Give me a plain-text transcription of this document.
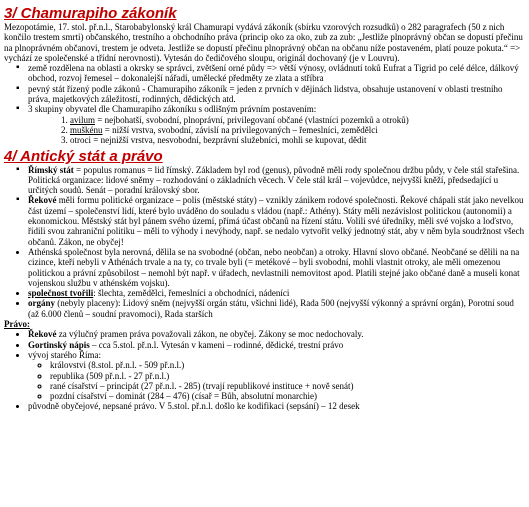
3/ Chamurapiho zákoník

Mezopotámie, 17. stol. př.n.l., Starobabylonský král Chamurapi vydává zákoník (sbírku vzorových rozsudků) o 282 paragrafech (50 z nich končilo trestem smrti) občanského, trestního a obchodního práva (princip oko za oko, zub za zub: „Jestliže plnoprávný občan se dopustí přečinu na plnoprávném občanovi, trestem je odveta. Jestliže se dopustí přečinu plnoprávný občan na občanu níže postaveném, platí pouze pokuta.“ => vychází ze společenské a třídní nerovnosti). Vytesán do čedičového sloupu, originál dochovaný (je v Louvru).

▪ země rozdělena na oblasti a okrsky se správci, zvětšení orné půdy => větší výnosy, ovládnutí toků Eufrat a Tigrid po celé délce, dálkový obchod, rozvoj řemesel – dokonalejší nářadí, umělecké předměty ze zlata a stříbra
▪ pevný stát řízený podle zákonů - Chamurapiho zákoník = jeden z prvních v dějinách lidstva, obsahuje ustanovení v oblasti trestního práva, majetkových záležitostí, rodinných, dědických atd.
▪ 3 skupiny obyvatel dle Chamurapiho zákoníku s odlišným právním postavením:
1. avilum = nejbohatší, svobodní, plnoprávní, privilegovaní občané (vlastníci pozemků a otroků)
2. muškénu = nižší vrstva, svobodní, závislí na privilegovaných – řemeslníci, zemědělci
3. otroci = nejnižší vrstva, nesvobodní, bezprávní služebníci, mohli se kupovat, dědit
4/ Antický stát a právo
▪ Římský stát = populus romanus = lid římský. Základem byl rod (genus), původně měli rody společnou držbu půdy, v čele stál stařešina. Politická organizace: lidové sněmy – rozhodování o základních věcech. V čele stál král – vojevůdce, nejvyšší kněží, předsedající u určitých soudů. Senát – poradní královský sbor.
▪ Řekové měli formu politické organizace – polis (městské státy) – vznikly zánikem rodové společnosti. Řekové chápali stát jako nevelkou část území – společenství lidí, které bylo uváděno do souladu s vládou (např.: Athény). Státy měli nezávislost politickou (autonomii) a ekonomickou. Městský stát byl pánem svého území, přímá účast občanů na řízení státu. Volili své úředníky, měli své vojsko a loďstvo, řídili svou zahraniční politiku – měli to výhody i nevýhody, např. se nedalo vytvořit velký jednotný stát, aby v něm byla soudržnost všech občanů. Zákon, ne obyčej!
• Athénská společnost byla nerovná, dělila se na svobodné (občan, nebo neobčan) a otroky. Hlavní slovo občané. Neobčané se dělili na na cizince, kteří nebyli v Athénách trvale a na ty, co trvale byli (= metékové – byli svobodní, mohli vlastnit otroky, ale měli omezenou politickou a právní způsobilost – nemohl být např. v úřadech, nevlastnili nemovitost apod. Platili stejné jako občané daně a museli konat vojenskou službu v athénském vojsku).
• společnost tvořili: šlechta, zemědělci, řemeslníci a obchodníci, nádeníci
• orgány (nebyly placeny): Lidový sněm (nejvyšší orgán státu, všichni lidé), Rada 500 (nejvyšší výkonný a správní orgán), Porotní soud (až 6.000 členů – soudní pravomoci), Rada starších
Právo:
• Řekové za výlučný pramen práva považovali zákon, ne obyčej. Zákony se moc nedochovaly.
• Gortinský nápis – cca 5.stol. př.n.l. Vytesán v kameni – rodinné, dědické, trestní právo
• vývoj starého Říma:
◦ královstvi (8.stol. př.n.l. - 509 př.n.l.)
◦ republika (509 př.n.l. - 27 př.n.l.)
◦ rané císařství – principát (27 př.n.l. - 285) (trvají republikové instituce + nově senát)
◦ pozdní císařství – dominát (284 – 476) (císař = Bůh, absolutní monarchie)
• původně obyčejové, nepsané právo. V 5.stol. př.n.l. došlo ke kodifikaci (sepsání) – 12 desek
